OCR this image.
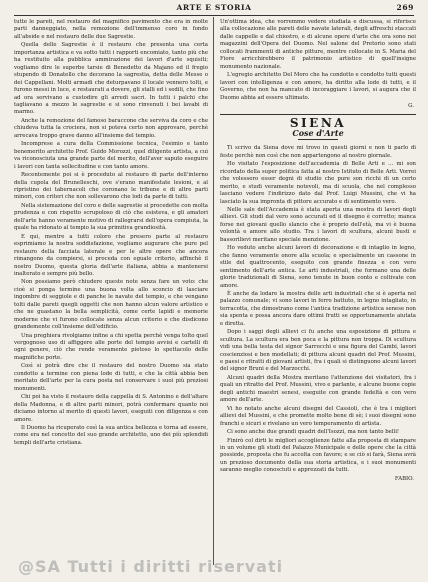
ARTE E STORIA	269

tutte le pareti, nel restauro del magnifico pavimento che era in molte parti danneggiato, nella remozione dell'immenso coro in fondo all'abside e nel restauro delle due Sagrestie.

Quella delle Sagrestie è il restauro che presenta una certa importanza artistica e va sotto tutti i rapporti encomiato, tanto più che ha restituito alla pubblica ammirazione dei lavori d'arte squisiti; vogliamo dire le superbe tarsie di Benedetto da Majano ed il fregio stupendo di Donatello che decorano la sagrestia, detta delle Messe o dei Cappellani. Molti armadi che deturpavano il locale vennero tolti, e furono messi in luce, e restaurati a dovere, gli stalli ed i sedili, che fino ad ora servivano a custodire gli arredi sacri. In tutti i palchi che tagliavano a mezzo le sagrestie e si sono rinvenuti i bei lavabi di marmo.

Anche la remozione del famoso baraccone che serviva da coro e che chiudeva tutta la crociera, non si poteva certo non approvare, perchè arrecava troppo grave danno all'insieme del tempio.

Incomprese a cura della Commissione tecnica, l'esimio e tanto benemerito architetto Prof. Guido Morozzi, quel diligente artista, a cui va riconosciuta una grande parte del merito, dell'aver saputo eseguire i lavori con tanta sollecitudine e con tanto amore.

Recentemente poi si è proceduto al restauro di parte dell'interno della cupola del Brunelleschi, ove s'erano manifestate lesioni, e al ripristino dei tabernacoli che coronano le tribune e di altre parti minori, con criteri che non sollevarono che lodi da parte di tutti.

Nella sistemazione del coro e delle sagrestie si procedette con molta prudenza e con rispetto scrupoloso di ciò che esisteva, e gli amatori dell'arte hanno veramente motivo di rallegrarsi dell'opera compiuta, la quale ha ridonato al tempio la sua primitiva grandiosità.

E qui, mentre a tutti coloro che presero parte al restauro esprimiamo la nostra soddisfazione, vogliamo augurare che pure pel restauro della facciata laterale e per le altre opere che ancora rimangono da compiersi, si proceda con eguale criterio, affinchè il nostro Duomo, questa gloria dell'arte italiana, abbia a mantenersi inalterato e sempre più bello.

Non possiamo però chiudere queste note senza fare un voto: che cioè si ponga termine una buona volta allo sconcio di lasciare ingombre di seggiole e di panche le navate del tempio, e che vengano tolti dalle pareti quegli oggetti che non hanno alcun valore artistico e che ne guastano la bella semplicità, come certe lapidi e memorie moderne che vi furono collocate senza alcun criterio e che disdicono grandemente coll'insieme dell'edificio.

Una preghiera rivolgiamo infine a chi spetta perchè venga tolto quel vergognoso uso di affiggere alle porte del tempio avvisi e cartelli di ogni genere, ciò che rende veramente pietoso lo spettacolo delle magnifiche porte.

Così si potrà dire che il restauro del nostro Duomo sia stato condotto a termine con piena lode di tutti, e che la città abbia ben meritato dell'arte per la cura posta nel conservare i suoi più preziosi monumenti.

Chi poi ha visto il restauro della cappella di S. Antonino e dell'altare della Madonna, e di altre parti minori, potrà confermare quanto noi diciamo intorno al merito di questi lavori, eseguiti con diligenza e con amore.

Il Duomo ha ricuperato così la sua antica bellezza e torna ad essere, come era nel concetto del suo grande architetto, uno dei più splendidi templi dell'arte cristiana.

Un'ottima idea, che vorremmo vedere studiata e discussa, si riferisce alla collocazione alle pareti delle navate laterali, degli affreschi staccati dalle cappelle e dal chiostro, e di alcune opere d'arte che ora sono nei magazzini dell'Opera del Duomo. Nel salone del Pretorio sono stati collocati frammenti di antiche pitture, mentre collocate in S. Maria del Fiore arricchirebbero il patrimonio artistico di quell'insigne monumento nazionale.

L'egregio architetto Del Moro che ha condotto e condotto tutti questi lavori con intelligenza e con amore, ha diritto alla lode di tutti, e il Governo, che non ha mancato di incoraggiare i lavori, si augura che il Duomo abbia ad essere ultimato.

G.
SIENA
Cose d'Arte

Ti scrivo da Siena dove mi trovo in questi giorni e non ti parlo di feste perchè non così che non appartengono al nostro giornale.

Ho visitato l'esposizione dell'accademia di Belle Arti e ... mi son ricordato della super politica fatta al nostro Istituto di Belle Arti. Vorrei che volessero esser degni di studio che pure son ricchi di un certo merito, e studi veramente notevoli, ma di scuola, che nel complesso lasciano vedere l'indirizzo dato dal Prof. Luigi Mussini, che vi ha lasciato la sua impronta di pittore accurato e di sentimento vero.

Nelle sale dell'Accademia è stata aperta una mostra di lavori degli allievi. Gli studi dal vero sono accurati ed il disegno è corretto; manca forse nei giovani quello slancio che è proprio dell'età, ma vi è buona volontà e amore allo studio. Tra i lavori di scultura, alcuni busti e bassorilievi meritano speciale menzione.

Ho veduto anche alcuni lavori di decorazione e di intaglio in legno, che fanno veramente onore alla scuola; e specialmente un cassone in stile del quattrocento, eseguito con grande finezza e con vero sentimento dell'arte antica. Le arti industriali, che formano una delle glorie tradizionali di Siena, sono tenute in buon conto e coltivate con amore.

È anche da lodare la mostra delle arti industriali che si è aperta nel palazzo comunale; vi sono lavori in ferro battuto, in legno intagliato, in terracotta, che dimostrano come l'antica tradizione artistica senese non sia spenta e possa ancora dare ottimi frutti se opportunamente aiutata e diretta.

Dopo i saggi degli allievi ci fu anche una esposizione di pittura e scultura. La scultura era ben poca e la pittura non troppa. Di scultura vidi una bella testa del signor Sarrocchi e una figura del Cambi, lavori coscienziosi e ben modellati; di pittura alcuni quadri del Prof. Mussini, e paesi e ritratti di giovani artisti, fra i quali si distinguono alcuni lavori del signor Bruni e del Marzocchi.

Alcuni quadri della Mostra meritano l'attenzione dei visitatori, fra i quali un ritratto del Prof. Mussini, vivo e parlante, e alcune buone copie degli antichi maestri senesi, eseguite con grande fedeltà e con vero amore dell'arte.

Vi ho notato anche alcuni disegni del Cassioli, che è tra i migliori allievi del Mussini, e che promette molto bene di sè; i suoi disegni sono franchi e sicuri e rivelano un vero temperamento di artista.

Ci sono anche due grandi quadri dell'Isozzi, ma non tanto belli!

Finirò col dirti le migliori accoglienze fatte alla proposta di stampare in un volume gli studi del Palazzo Municipale e delle opere che la città possiede, proposta che fu accolta con favore; e se ciò si farà, Siena avrà un prezioso documento della sua storia artistica, e i suoi monumenti saranno meglio conosciuti e apprezzati da tutti.

FABIO.
@SA Tutti i diritti riservati
